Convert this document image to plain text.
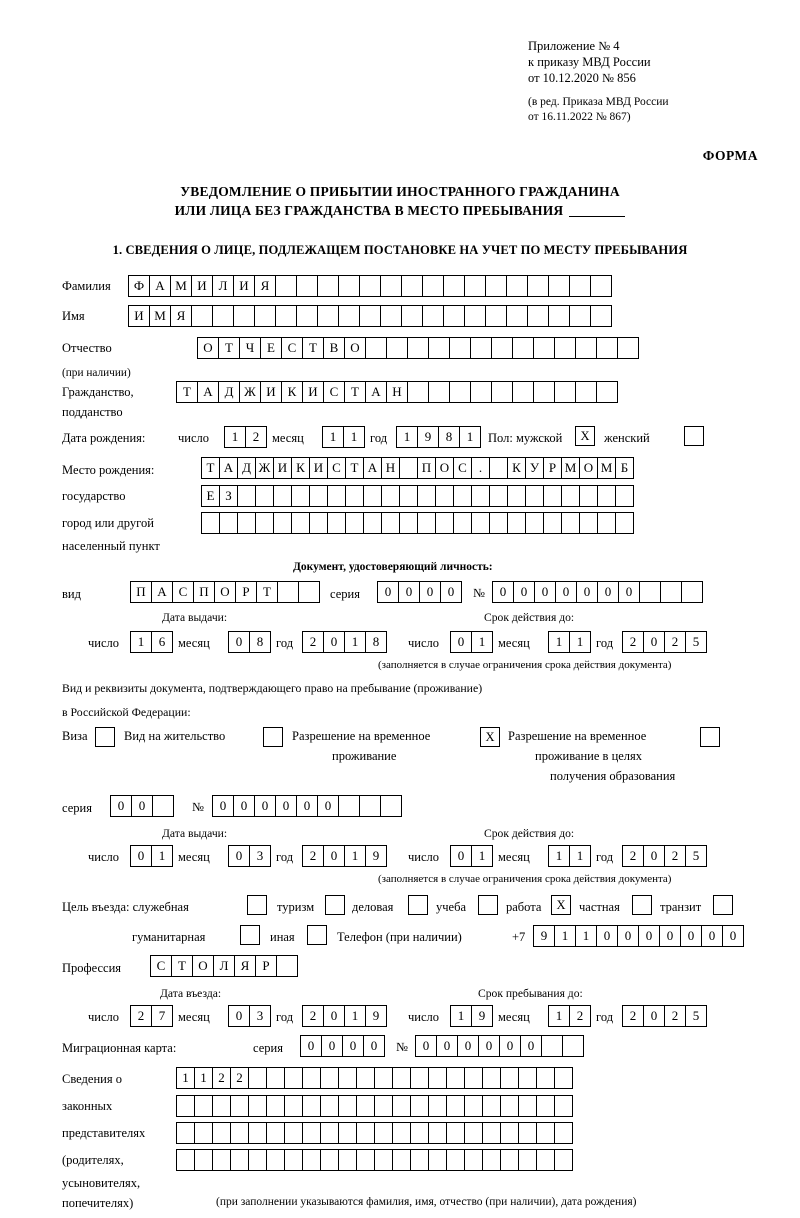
Приложение № 4
к приказу МВД России
от 10.12.2020 № 856
(в ред. Приказа МВД России
от 16.11.2022 № 867)
ФОРМА
УВЕДОМЛЕНИЕ О ПРИБЫТИИ ИНОСТРАННОГО ГРАЖДАНИНА
ИЛИ ЛИЦА БЕЗ ГРАЖДАНСТВА В МЕСТО ПРЕБЫВАНИЯ
1. СВЕДЕНИЯ О ЛИЦЕ, ПОДЛЕЖАЩЕМ ПОСТАНОВКЕ НА УЧЕТ ПО МЕСТУ ПРЕБЫВАНИЯ
Фамилия	Ф А М И Л И Я
Имя	И М Я
Отчество	О Т Ч Е С Т В О
(при наличии)
Гражданство,	Т А Д Ж И К И С Т А Н
подданство
Дата рождения:	число	1	2	месяц	1	1	год	1	9	8	1	Пол: мужской	Х	женский
Место рождения:	Т А Д Ж И К И С Т А Н	П О С .	К У Р М О М Б
государство	Е З
город или другой
населенный пункт
Документ, удостоверяющий личность:
вид	П А С П О Р	Т	серия	0	0	0	0	№	0	0	0	0	0	0	0
Дата выдачи:	Срок действия до:
число	1	6	месяц	0	8	год	2	0	1	8	число	0	1	месяц	1	1	год	2	0	2	5
(заполняется в случае ограничения срока действия документа)
Вид и реквизиты документа, подтверждающего право на пребывание (проживание)
в Российской Федерации:
Виза	Вид на жительство	Разрешение на временное	Х	Разрешение на временное
проживание	проживание в целях
получения образования
серия	0	0	№	0	0	0	0	0	0
Дата выдачи:	Срок действия до:
число	0	1	месяц	0	3	год	2	0	1	9	число	0	1	месяц	1	1	год	2	0	2	5
(заполняется в случае ограничения срока действия документа)
Цель въезда: служебная	туризм	деловая	учеба	работа	Х	частная	транзит
гуманитарная	иная	Телефон (при наличии)	+7	9	1	1	0	0	0	0	0	0	0
Профессия	С Т О Л Я	Р
Дата въезда:	Срок пребывания до:
число	2	7	месяц	0	3	год	2	0	1	9	число	1	9	месяц	1	2	год	2	0	2	5
Миграционная карта:	серия	0	0	0	0	№	0	0	0	0	0	0
Сведения о	1 1 2 2
законных
представителях
(родителях,
усыновителях,
попечителях)	(при заполнении указываются фамилия, имя, отчество (при наличии), дата рождения)
